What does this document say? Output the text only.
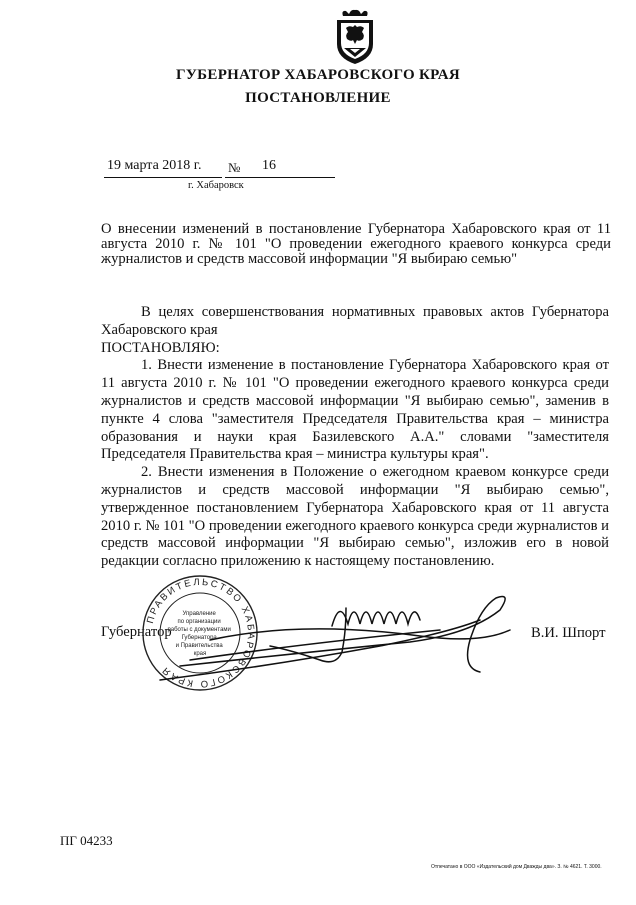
ГУБЕРНАТОР ХАБАРОВСКОГО КРАЯ
ПОСТАНОВЛЕНИЕ
19 марта 2018 г. № 16
г. Хабаровск
О внесении изменений в постановление Губернатора Хабаровского края от 11 августа 2010 г. № 101 "О проведении ежегодного краевого конкурса среди журналистов и средств массовой информации "Я выбираю семью"

В целях совершенствования нормативных правовых актов Губернатора Хабаровского края

ПОСТАНОВЛЯЮ:

1. Внести изменение в постановление Губернатора Хабаровского края от 11 августа 2010 г. № 101 "О проведении ежегодного краевого конкурса среди журналистов и средств массовой информации "Я выбираю семью", заменив в пункте 4 слова "заместителя Председателя Правительства края – министра образования и науки края Базилевского А.А." словами "заместителя Председателя Правительства края – министра культуры края".

2. Внести изменения в Положение о ежегодном краевом конкурсе среди журналистов и средств массовой информации "Я выбираю семью", утвержденное постановлением Губернатора Хабаровского края от 11 августа 2010 г. № 101 "О проведении ежегодного краевого конкурса среди журналистов и средств массовой информации "Я выбираю семью", изложив его в новой редакции согласно приложению к настоящему постановлению.

Губернатор	В.И. Шпорт
ПРАВИТЕЛЬСТВО ХАБАРОВСКОГО КРАЯ
Управление по организации работы с документами Губернатора и Правительства края
ПГ 04233
Отпечатано в ООО «Издательский дом Дважды два». З. № 4621. Т. 3000.
